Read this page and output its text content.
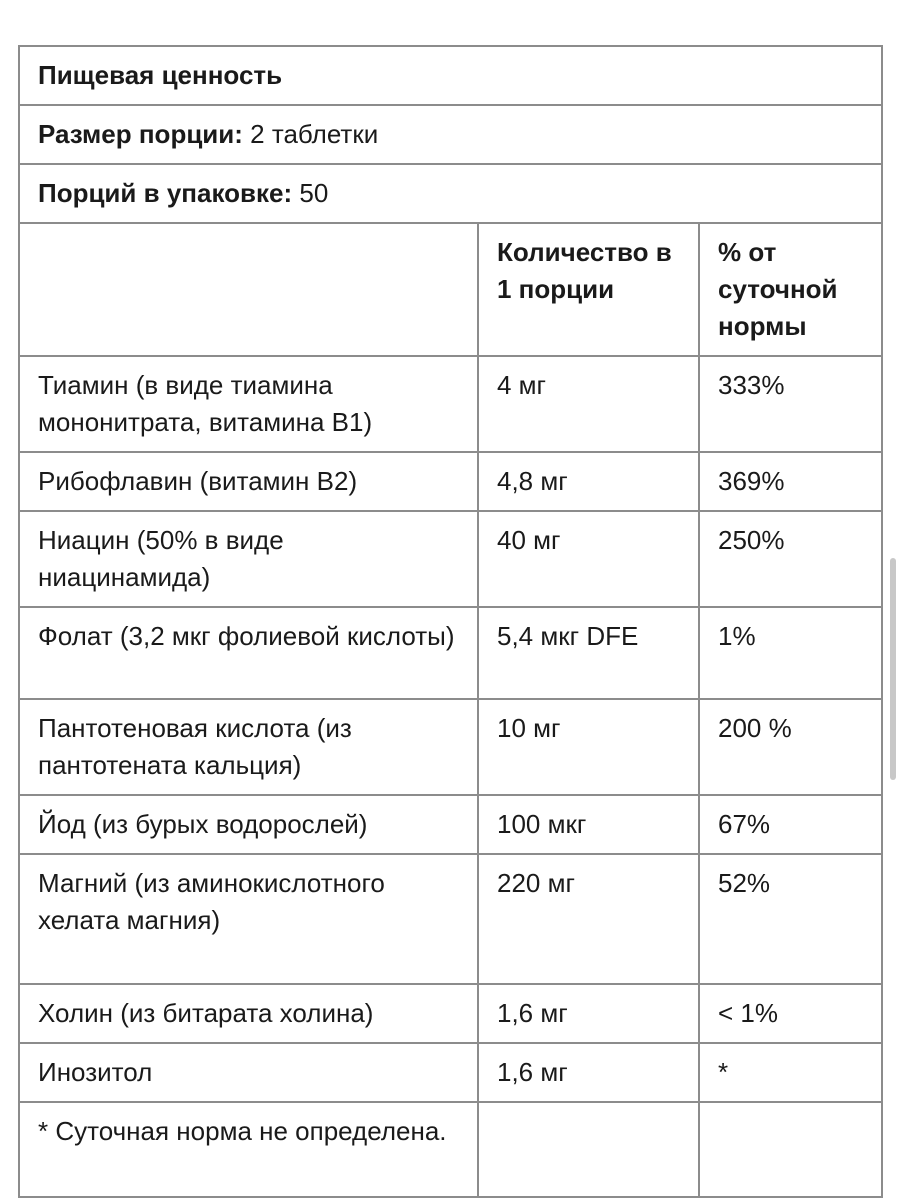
Пищевая ценность		
Размер порции: 2 таблетки		
Порций в упаковке: 50		

	Количество в 1 порции	% от суточной нормы

Тиамин (в виде тиамина мононитрата, витамина B1)	4 мг	333%
Рибофлавин (витамин B2)	4,8 мг	369%
Ниацин (50% в виде ниацинамида)	40 мг	250%
Фолат (3,2 мкг фолиевой кислоты)	5,4 мкг DFE	1%
Пантотеновая кислота (из пантотената кальция)	10 мг	200 %
Йод (из бурых водорослей)	100 мкг	67%
Магний (из аминокислотного хелата магния)	220 мг	52%
Холин (из битарата холина)	1,6 мг	< 1%
Инозитол	1,6 мг	*
* Суточная норма не определена.		
